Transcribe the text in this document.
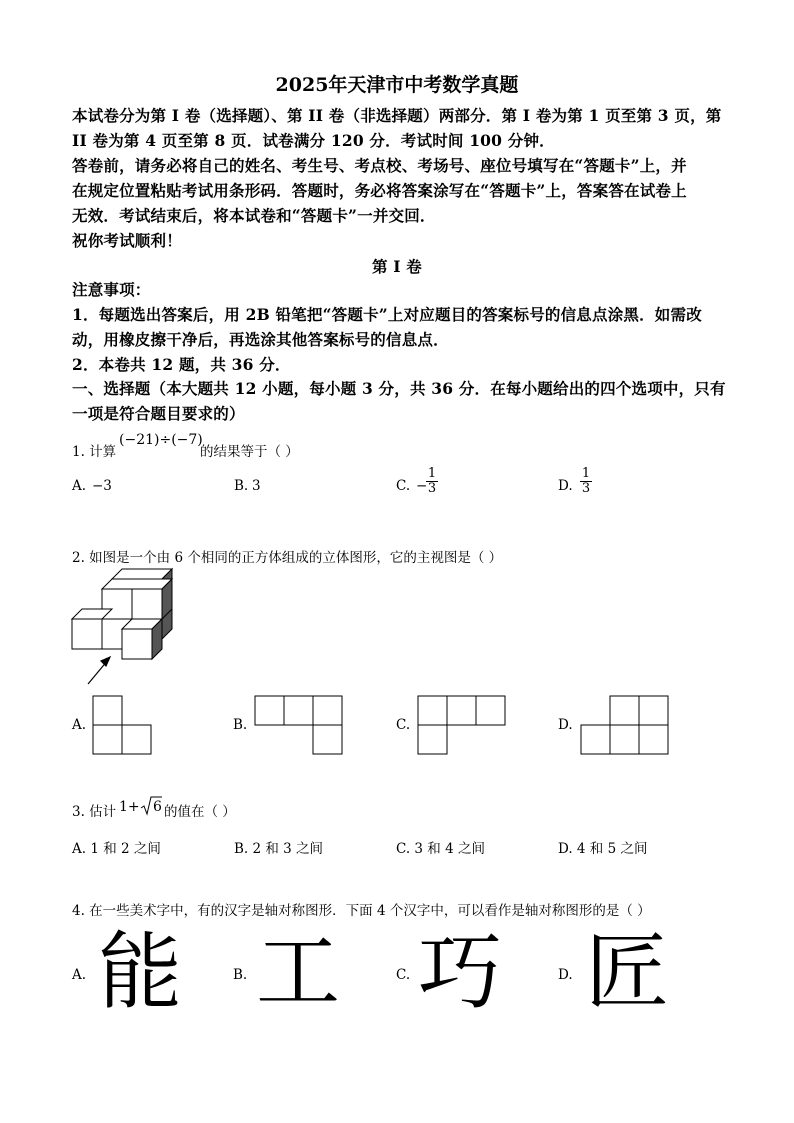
2025年天津市中考数学真题
本试卷分为第 I 卷（选择题）、第 II 卷（非选择题）两部分．第 I 卷为第 1 页至第 3 页，第
II 卷为第 4 页至第 8 页．试卷满分 120 分．考试时间 100 分钟．
答卷前，请务必将自己的姓名、考生号、考点校、考场号、座位号填写在“答题卡”上，并
在规定位置粘贴考试用条形码．答题时，务必将答案涂写在“答题卡”上，答案答在试卷上
无效．考试结束后，将本试卷和“答题卡”一并交回．
祝你考试顺利！
第 I 卷
注意事项：
1．每题选出答案后，用 2B 铅笔把“答题卡”上对应题目的答案标号的信息点涂黑．如需改
动，用橡皮擦干净后，再选涂其他答案标号的信息点．
2．本卷共 12 题，共 36 分．
一、选择题（本大题共 12 小题，每小题 3 分，共 36 分．在每小题给出的四个选项中，只有
一项是符合题目要求的）
1. 计算
(−21)÷(−7)
的结果等于（ ）
A. −3	B. 3	C. −
1
3	D.
1
3
2. 如图是一个由 6 个相同的正方体组成的立体图形，它的主视图是（ ）
A.	B.	C.	D.
3. 估计 1+ 6 的值在（ ）
A. 1 和 2 之间	B. 2 和 3 之间	C. 3 和 4 之间	D. 4 和 5 之间
4. 在一些美术字中，有的汉字是轴对称图形．下面 4 个汉字中，可以看作是轴对称图形的是（ ）
A. 能	B. 工	C. 巧	D. 匠
